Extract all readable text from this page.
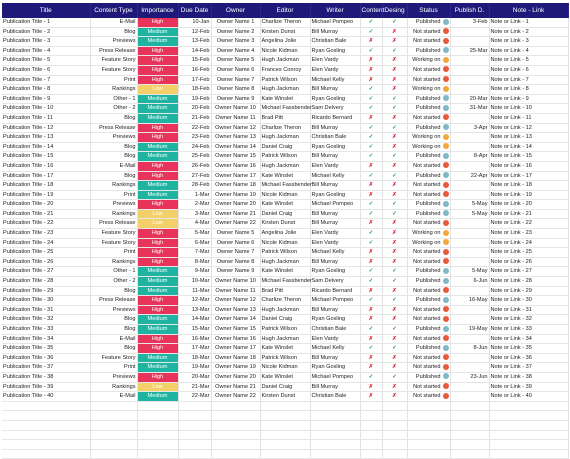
Title	Content Type	Importance	Due Date	Owner	Editor	Writer	Content	Desing	Status	Publish D.	Note - Link
Publication Title - 1	E-Mail	High	10-Jan	Owner Name 1	Charlize Theron	Michael Pompeo	✓	✓	Published	3-Feb	Note or Link - 1
Publication Title - 2	Blog	Medium	12-Feb	Owner Name 2	Kirsten Dunst	Bill Murray	✓	✗	Not started		Note or Link - 2
Publication Title - 3	Previews	Medium	13-Feb	Owner Name 3	Angelina Jolie	Christian Bale	✗	✗	Not started		Note or Link - 3
Publication Title - 4	Press Release	High	14-Feb	Owner Name 4	Nicole Kidman	Ryan Gosling	✓	✓	Published	25-Mar	Note or Link - 4
Publication Title - 5	Feature Story	High	15-Feb	Owner Name 5	Hugh Jackman	Elen Vardy	✗	✗	Working on		Note or Link - 5
Publication Title - 6	Feature Story	High	16-Feb	Owner Name 6	Frances Conroy	Elen Vardy	✗	✗	Not started		Note or Link - 6
Publication Title - 7	Print	High	17-Feb	Owner Name 7	Patrick Wilson	Michael Kelly	✗	✗	Not started		Note or Link - 7
Publication Title - 8	Rankings	Low	18-Feb	Owner Name 8	Hugh Jackman	Bill Murray	✓	✗	Working on		Note or Link - 8
Publication Title - 9	Other - 1	Medium	19-Feb	Owner Name 9	Kate Winslet	Ryan Gosling	✓	✓	Published	20-Mar	Note or Link - 9
Publication Title - 10	Other - 2	Medium	20-Feb	Owner Name 10	Michael Fassbender	Sam Delvery	✓	✓	Published	31-Mar	Note or Link - 10
Publication Title - 11	Blog	Medium	21-Feb	Owner Name 11	Brad Pitt	Ricardo Bernard	✗	✗	Not started		Note or Link - 11
Publication Title - 12	Press Release	High	22-Feb	Owner Name 12	Charlize Theron	Bill Murray	✓	✓	Published	3-Apr	Note or Link - 12
Publication Title - 13	Previews	High	23-Feb	Owner Name 13	Hugh Jackman	Christian Bale	✓	✗	Working on		Note or Link - 13
Publication Title - 14	Blog	Medium	24-Feb	Owner Name 14	Daniel Craig	Ryan Gosling	✓	✗	Working on		Note or Link - 14
Publication Title - 15	Blog	Medium	25-Feb	Owner Name 15	Patrick Wilson	Bill Murray	✓	✓	Published	8-Apr	Note or Link - 15
Publication Title - 16	E-Mail	High	26-Feb	Owner Name 16	Hugh Jackman	Elen Vardy	✗	✗	Not started		Note or Link - 16
Publication Title - 17	Blog	High	27-Feb	Owner Name 17	Kate Winslet	Michael Kelly	✓	✓	Published	22-Apr	Note or Link - 17
Publication Title - 18	Rankings	Medium	28-Feb	Owner Name 18	Michael Fassbender	Bill Murray	✗	✗	Not started		Note or Link - 18
Publication Title - 19	Print	Medium	1-Mar	Owner Name 19	Nicole Kidman	Ryan Gosling	✗	✗	Not started		Note or Link - 19
Publication Title - 20	Previews	High	2-Mar	Owner Name 20	Kate Winslet	Michael Pompeo	✓	✓	Published	5-May	Note or Link - 20
Publication Title - 21	Rankings	Low	3-Mar	Owner Name 21	Daniel Craig	Bill Murray	✓	✓	Published	5-May	Note or Link - 21
Publication Title - 22	Press Release	Low	4-Mar	Owner Name 22	Kirsten Dunst	Bill Murray	✗	✗	Not started		Note or Link - 22
Publication Title - 23	Feature Story	High	5-Mar	Owner Name 5	Angelina Jolie	Elen Vardy	✓	✗	Working on		Note or Link - 23
Publication Title - 24	Feature Story	High	6-Mar	Owner Name 6	Nicole Kidman	Elen Vardy	✓	✗	Working on		Note or Link - 24
Publication Title - 25	Print	High	7-Mar	Owner Name 7	Patrick Wilson	Michael Kelly	✗	✗	Not started		Note or Link - 25
Publication Title - 26	Rankings	High	8-Mar	Owner Name 8	Hugh Jackman	Bill Murray	✗	✗	Not started		Note or Link - 26
Publication Title - 27	Other - 1	Medium	9-Mar	Owner Name 9	Kate Winslet	Ryan Gosling	✓	✓	Published	5-May	Note or Link - 27
Publication Title - 28	Other - 2	Medium	10-Mar	Owner Name 10	Michael Fassbender	Sam Delvery	✓	✓	Published	6-Jun	Note or Link - 28
Publication Title - 29	Blog	Medium	11-Mar	Owner Name 11	Brad Pitt	Ricardo Bernard	✗	✗	Not started		Note or Link - 29
Publication Title - 30	Press Release	High	12-Mar	Owner Name 12	Charlize Theron	Michael Pompeo	✓	✓	Published	16-May	Note or Link - 30
Publication Title - 31	Previews	High	13-Mar	Owner Name 13	Hugh Jackman	Bill Murray	✗	✗	Not started		Note or Link - 31
Publication Title - 32	Blog	Medium	14-Mar	Owner Name 14	Daniel Craig	Ryan Gosling	✗	✗	Not started		Note or Link - 32
Publication Title - 33	Blog	Medium	15-Mar	Owner Name 15	Patrick Wilson	Christian Bale	✓	✓	Published	19-May	Note or Link - 33
Publication Title - 34	E-Mail	High	16-Mar	Owner Name 16	Hugh Jackman	Elen Vardy	✗	✗	Not started		Note or Link - 34
Publication Title - 35	Blog	High	17-Mar	Owner Name 17	Kate Winslet	Michael Kelly	✓	✓	Published	8-Jun	Note or Link - 35
Publication Title - 36	Feature Story	Medium	18-Mar	Owner Name 18	Patrick Wilson	Bill Murray	✗	✗	Not started		Note or Link - 36
Publication Title - 37	Print	Medium	19-Mar	Owner Name 19	Nicole Kidman	Ryan Gosling	✗	✗	Not started		Note or Link - 37
Publication Title - 38	Previews	High	20-Mar	Owner Name 20	Kate Winslet	Michael Pompeo	✓	✓	Published	23-Jun	Note or Link - 38
Publication Title - 39	Rankings	Low	21-Mar	Owner Name 21	Daniel Craig	Bill Murray	✗	✗	Not started		Note or Link - 39
Publication Title - 40	E-Mail	Medium	22-Mar	Owner Name 22	Kirsten Dunst	Christian Bale	✗	✗	Not started		Note or Link - 40
